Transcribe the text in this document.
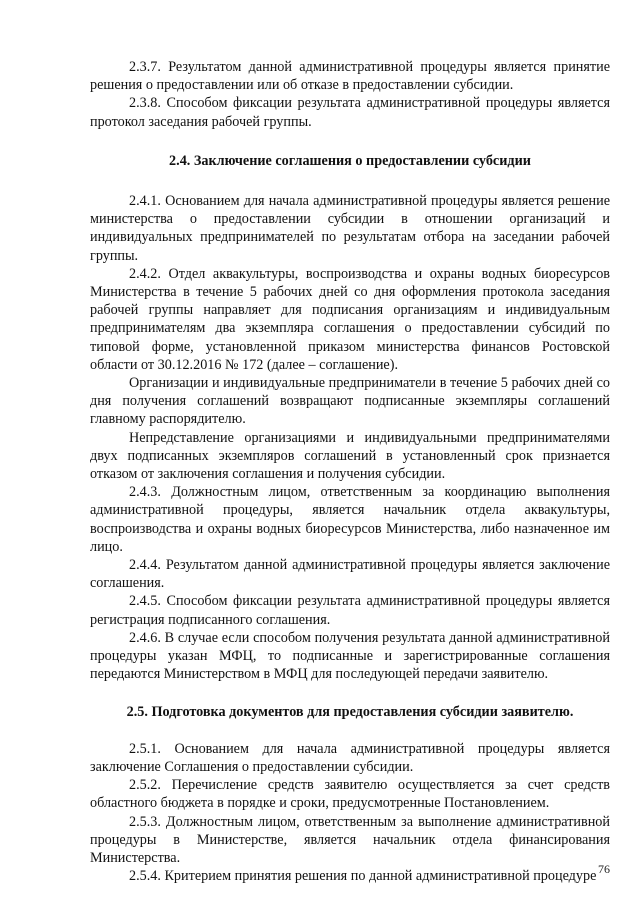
2.3.7. Результатом данной административной процедуры является принятие решения о предоставлении или об отказе в предоставлении субсидии.

2.3.8. Способом фиксации результата административной процедуры является протокол заседания рабочей группы.

2.4. Заключение соглашения о предоставлении субсидии

2.4.1. Основанием для начала административной процедуры является решение министерства о предоставлении субсидии в отношении организаций и индивидуальных предпринимателей по результатам отбора на заседании рабочей группы.

2.4.2. Отдел аквакультуры, воспроизводства и охраны водных биоресурсов Министерства в течение 5 рабочих дней со дня оформления протокола заседания рабочей группы направляет для подписания организациям и индивидуальным предпринимателям два экземпляра соглашения о предоставлении субсидий по типовой форме, установленной приказом министерства финансов Ростовской области от 30.12.2016 № 172 (далее – соглашение).

Организации и индивидуальные предприниматели в течение 5 рабочих дней со дня получения соглашений возвращают подписанные экземпляры соглашений главному распорядителю.

Непредставление организациями и индивидуальными предпринимателями двух подписанных экземпляров соглашений в установленный срок признается отказом от заключения соглашения и получения субсидии.

2.4.3. Должностным лицом, ответственным за координацию выполнения административной процедуры, является начальник отдела аквакультуры, воспроизводства и охраны водных биоресурсов Министерства, либо назначенное им лицо.

2.4.4. Результатом данной административной процедуры является заключение соглашения.

2.4.5. Способом фиксации результата административной процедуры является регистрация подписанного соглашения.

2.4.6. В случае если способом получения результата данной административной процедуры указан МФЦ, то подписанные и зарегистрированные соглашения передаются Министерством в МФЦ для последующей передачи заявителю.

2.5. Подготовка документов для предоставления субсидии заявителю.

2.5.1. Основанием для начала административной процедуры является заключение Соглашения о предоставлении субсидии.

2.5.2. Перечисление средств заявителю осуществляется за счет средств областного бюджета в порядке и сроки, предусмотренные Постановлением.

2.5.3. Должностным лицом, ответственным за выполнение административной процедуры в Министерстве, является начальник отдела финансирования Министерства.

2.5.4. Критерием принятия решения по данной административной процедуре 76
